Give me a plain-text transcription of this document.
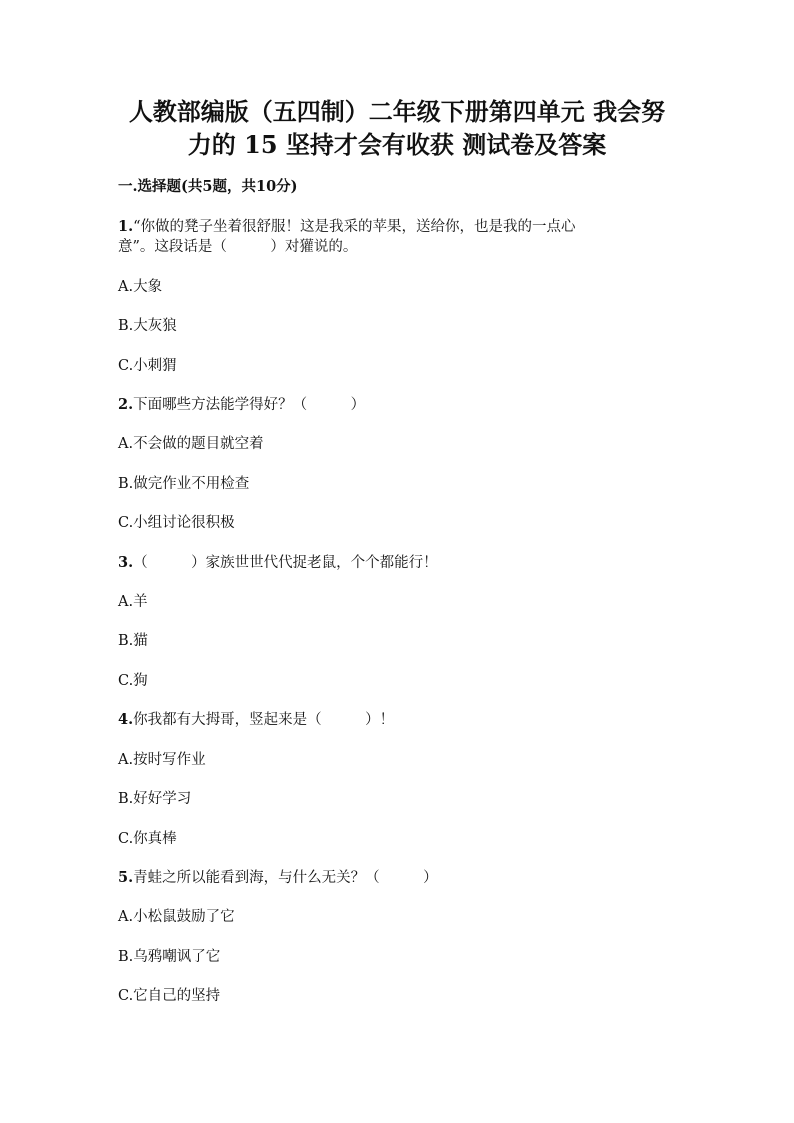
人教部编版（五四制）二年级下册第四单元 我会努
力的 15 坚持才会有收获 测试卷及答案
一.选择题(共5题，共10分)
1.“你做的凳子坐着很舒服！这是我采的苹果，送给你，也是我的一点心
意”。这段话是（　　　）对獾说的。
A.大象
B.大灰狼
C.小刺猬
2.下面哪些方法能学得好？（　　　）
A.不会做的题目就空着
B.做完作业不用检查
C.小组讨论很积极
3.（　　　）家族世世代代捉老鼠，个个都能行！
A.羊
B.猫
C.狗
4.你我都有大拇哥，竖起来是（　　　）！
A.按时写作业
B.好好学习
C.你真棒
5.青蛙之所以能看到海，与什么无关？（　　　）
A.小松鼠鼓励了它
B.乌鸦嘲讽了它
C.它自己的坚持
